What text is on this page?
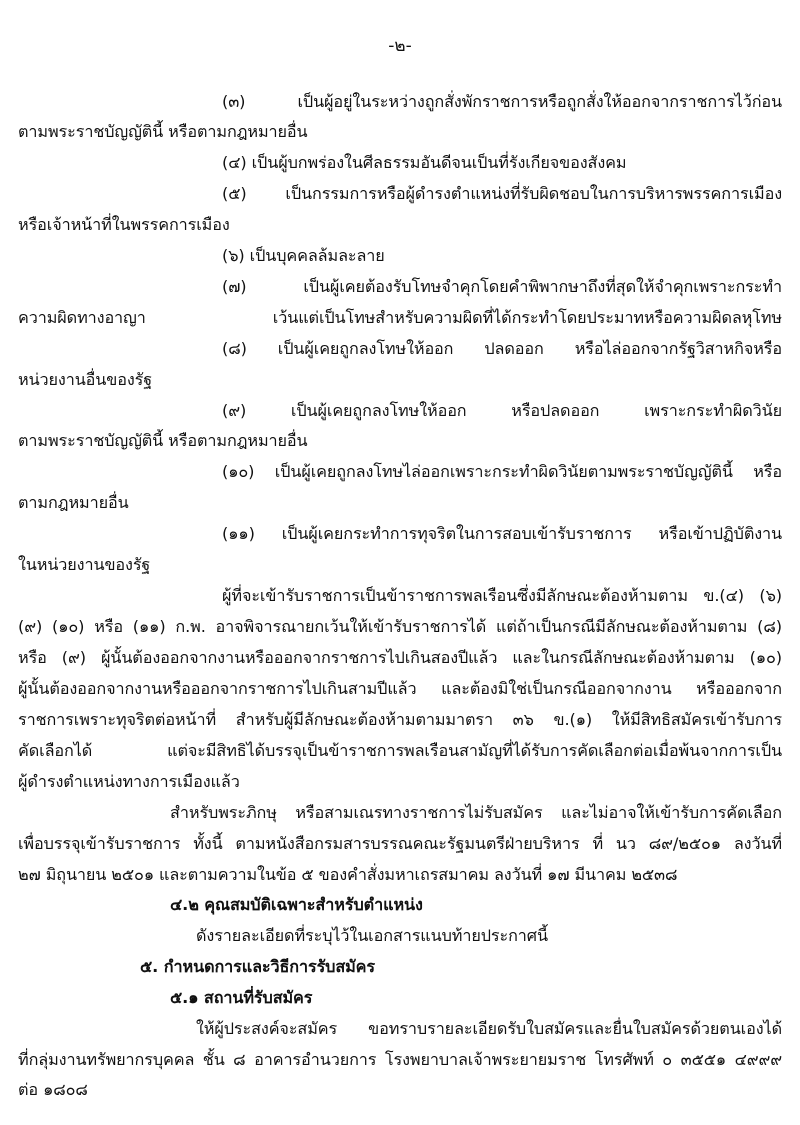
-๒-
(๓) เป็นผู้อยู่ในระหว่างถูกสั่งพักราชการหรือถูกสั่งให้ออกจากราชการไว้ก่อน
ตามพระราชบัญญัตินี้ หรือตามกฎหมายอื่น
(๔) เป็นผู้บกพร่องในศีลธรรมอันดีจนเป็นที่รังเกียจของสังคม
(๕) เป็นกรรมการหรือผู้ดำรงตำแหน่งที่รับผิดชอบในการบริหารพรรคการเมือง
หรือเจ้าหน้าที่ในพรรคการเมือง
(๖) เป็นบุคคลล้มละลาย
(๗) เป็นผู้เคยต้องรับโทษจำคุกโดยคำพิพากษาถึงที่สุดให้จำคุกเพราะกระทำ
ความผิดทางอาญา เว้นแต่เป็นโทษสำหรับความผิดที่ได้กระทำโดยประมาทหรือความผิดลหุโทษ
(๘) เป็นผู้เคยถูกลงโทษให้ออก ปลดออก หรือไล่ออกจากรัฐวิสาหกิจหรือ
หน่วยงานอื่นของรัฐ
(๙) เป็นผู้เคยถูกลงโทษให้ออก หรือปลดออก เพราะกระทำผิดวินัย
ตามพระราชบัญญัตินี้ หรือตามกฎหมายอื่น
(๑๐) เป็นผู้เคยถูกลงโทษไล่ออกเพราะกระทำผิดวินัยตามพระราชบัญญัตินี้ หรือ
ตามกฎหมายอื่น
(๑๑) เป็นผู้เคยกระทำการทุจริตในการสอบเข้ารับราชการ หรือเข้าปฏิบัติงาน
ในหน่วยงานของรัฐ
ผู้ที่จะเข้ารับราชการเป็นข้าราชการพลเรือนซึ่งมีลักษณะต้องห้ามตาม ข.(๔) (๖)
(๙) (๑๐) หรือ (๑๑) ก.พ. อาจพิจารณายกเว้นให้เข้ารับราชการได้ แต่ถ้าเป็นกรณีมีลักษณะต้องห้ามตาม (๘)
หรือ (๙) ผู้นั้นต้องออกจากงานหรือออกจากราชการไปเกินสองปีแล้ว และในกรณีลักษณะต้องห้ามตาม (๑๐)
ผู้นั้นต้องออกจากงานหรือออกจากราชการไปเกินสามปีแล้ว และต้องมิใช่เป็นกรณีออกจากงาน หรือออกจาก
ราชการเพราะทุจริตต่อหน้าที่ สำหรับผู้มีลักษณะต้องห้ามตามมาตรา ๓๖ ข.(๑) ให้มีสิทธิสมัครเข้ารับการ
คัดเลือกได้ แต่จะมีสิทธิได้บรรจุเป็นข้าราชการพลเรือนสามัญที่ได้รับการคัดเลือกต่อเมื่อพ้นจากการเป็น
ผู้ดำรงตำแหน่งทางการเมืองแล้ว
สำหรับพระภิกษุ หรือสามเณรทางราชการไม่รับสมัคร และไม่อาจให้เข้ารับการคัดเลือก
เพื่อบรรจุเข้ารับราชการ ทั้งนี้ ตามหนังสือกรมสารบรรณคณะรัฐมนตรีฝ่ายบริหาร ที่ นว ๘๙/๒๕๐๑ ลงวันที่
๒๗ มิถุนายน ๒๕๐๑ และตามความในข้อ ๕ ของคำสั่งมหาเถรสมาคม ลงวันที่ ๑๗ มีนาคม ๒๕๓๘
๔.๒ คุณสมบัติเฉพาะสำหรับตำแหน่ง
ดังรายละเอียดที่ระบุไว้ในเอกสารแนบท้ายประกาศนี้
๕. กำหนดการและวิธีการรับสมัคร
๕.๑ สถานที่รับสมัคร
ให้ผู้ประสงค์จะสมัคร ขอทราบรายละเอียดรับใบสมัครและยื่นใบสมัครด้วยตนเองได้
ที่กลุ่มงานทรัพยากรบุคคล ชั้น ๘ อาคารอำนวยการ โรงพยาบาลเจ้าพระยายมราช โทรศัพท์ ๐ ๓๕๕๑ ๔๙๙๙
ต่อ ๑๘๐๘
